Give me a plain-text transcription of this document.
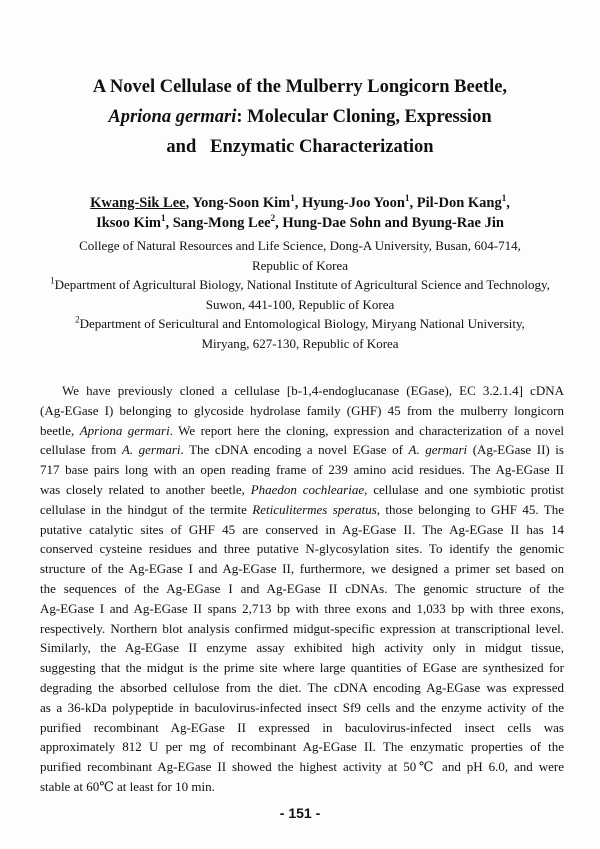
A Novel Cellulase of the Mulberry Longicorn Beetle,
Apriona germari: Molecular Cloning, Expression
and   Enzymatic Characterization
Kwang-Sik Lee, Yong-Soon Kim$^1$, Hyung-Joo Yoon$^1$, Pil-Don Kang$^1$,
Iksoo Kim$^1$, Sang-Mong Lee$^2$, Hung-Dae Sohn and Byung-Rae Jin
College of Natural Resources and Life Science, Dong-A University, Busan, 604-714,
Republic of Korea
$^1$Department of Agricultural Biology, National Institute of Agricultural Science and Technology,
Suwon, 441-100, Republic of Korea
$^2$Department of Sericultural and Entomological Biology, Miryang National University,
Miryang, 627-130, Republic of Korea
We have previously cloned a cellulase [b-1,4-endoglucanase (EGase), EC 3.2.1.4] cDNA
(Ag-EGase I) belonging to glycoside hydrolase family (GHF) 45 from the mulberry longicorn
beetle, Apriona germari. We report here the cloning, expression and characterization of a novel
cellulase from A. germari. The cDNA encoding a novel EGase of A. germari (Ag-EGase II) is
717 base pairs long with an open reading frame of 239 amino acid residues. The Ag-EGase II
was closely related to another beetle, Phaedon cochleariae, cellulase and one symbiotic protist
cellulase in the hindgut of the termite Reticulitermes speratus, those belonging to GHF 45. The
putative catalytic sites of GHF 45 are conserved in Ag-EGase II. The Ag-EGase II has 14
conserved cysteine residues and three putative N-glycosylation sites. To identify the genomic
structure of the Ag-EGase I and Ag-EGase II, furthermore, we designed a primer set based on
the sequences of the Ag-EGase I and Ag-EGase II cDNAs. The genomic structure of the
Ag-EGase I and Ag-EGase II spans 2,713 bp with three exons and 1,033 bp with three exons,
respectively. Northern blot analysis confirmed midgut-specific expression at transcriptional level.
Similarly, the Ag-EGase II enzyme assay exhibited high activity only in midgut tissue,
suggesting that the midgut is the prime site where large quantities of EGase are synthesized for
degrading the absorbed cellulose from the diet. The cDNA encoding Ag-EGase was expressed
as a 36-kDa polypeptide in baculovirus-infected insect Sf9 cells and the enzyme activity of the
purified recombinant Ag-EGase II expressed in baculovirus-infected insect cells was
approximately 812 U per mg of recombinant Ag-EGase II. The enzymatic properties of the
purified recombinant Ag-EGase II showed the highest activity at 50℃ and pH 6.0, and were
stable at 60℃ at least for 10 min.
- 151 -
